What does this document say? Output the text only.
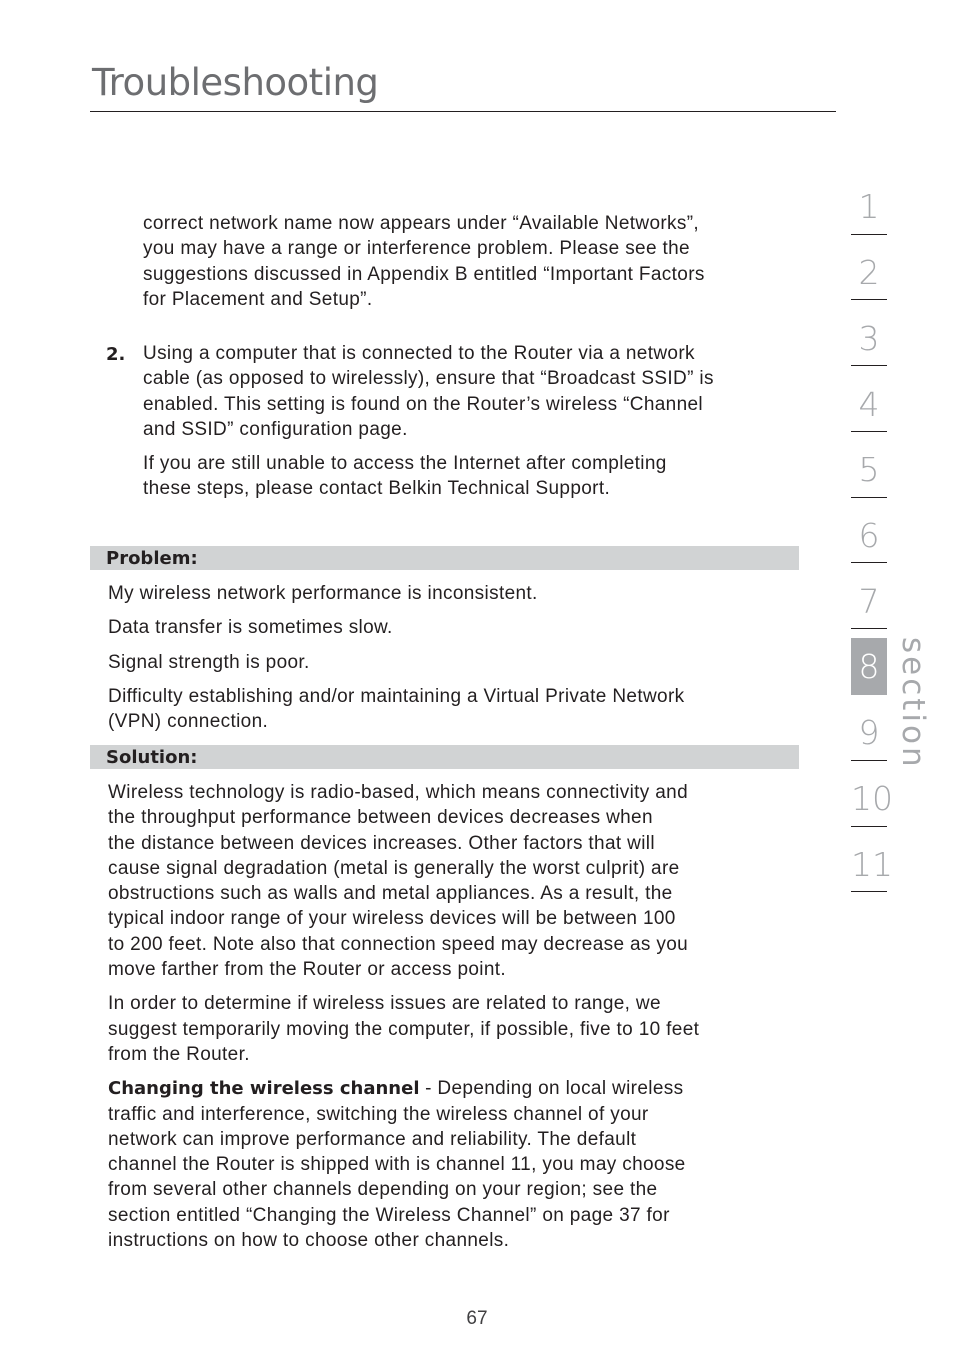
Troubleshooting

correct network name now appears under “Available Networks”,
you may have a range or interference problem. Please see the
suggestions discussed in Appendix B entitled “Important Factors
for Placement and Setup”.

2. Using a computer that is connected to the Router via a network
cable (as opposed to wirelessly), ensure that “Broadcast SSID” is
enabled. This setting is found on the Router’s wireless “Channel
and SSID” configuration page.

If you are still unable to access the Internet after completing
these steps, please contact Belkin Technical Support.

Problem:

My wireless network performance is inconsistent.

Data transfer is sometimes slow.

Signal strength is poor.

Difficulty establishing and/or maintaining a Virtual Private Network
(VPN) connection.

Solution:

Wireless technology is radio-based, which means connectivity and
the throughput performance between devices decreases when
the distance between devices increases. Other factors that will
cause signal degradation (metal is generally the worst culprit) are
obstructions such as walls and metal appliances. As a result, the
typical indoor range of your wireless devices will be between 100
to 200 feet. Note also that connection speed may decrease as you
move farther from the Router or access point.

In order to determine if wireless issues are related to range, we
suggest temporarily moving the computer, if possible, five to 10 feet
from the Router.

Changing the wireless channel - Depending on local wireless
traffic and interference, switching the wireless channel of your
network can improve performance and reliability. The default
channel the Router is shipped with is channel 11, you may choose
from several other channels depending on your region; see the
section entitled “Changing the Wireless Channel” on page 37 for
instructions on how to choose other channels.

1
2
3
4
5
6
7
8
9
10
11
section
67
